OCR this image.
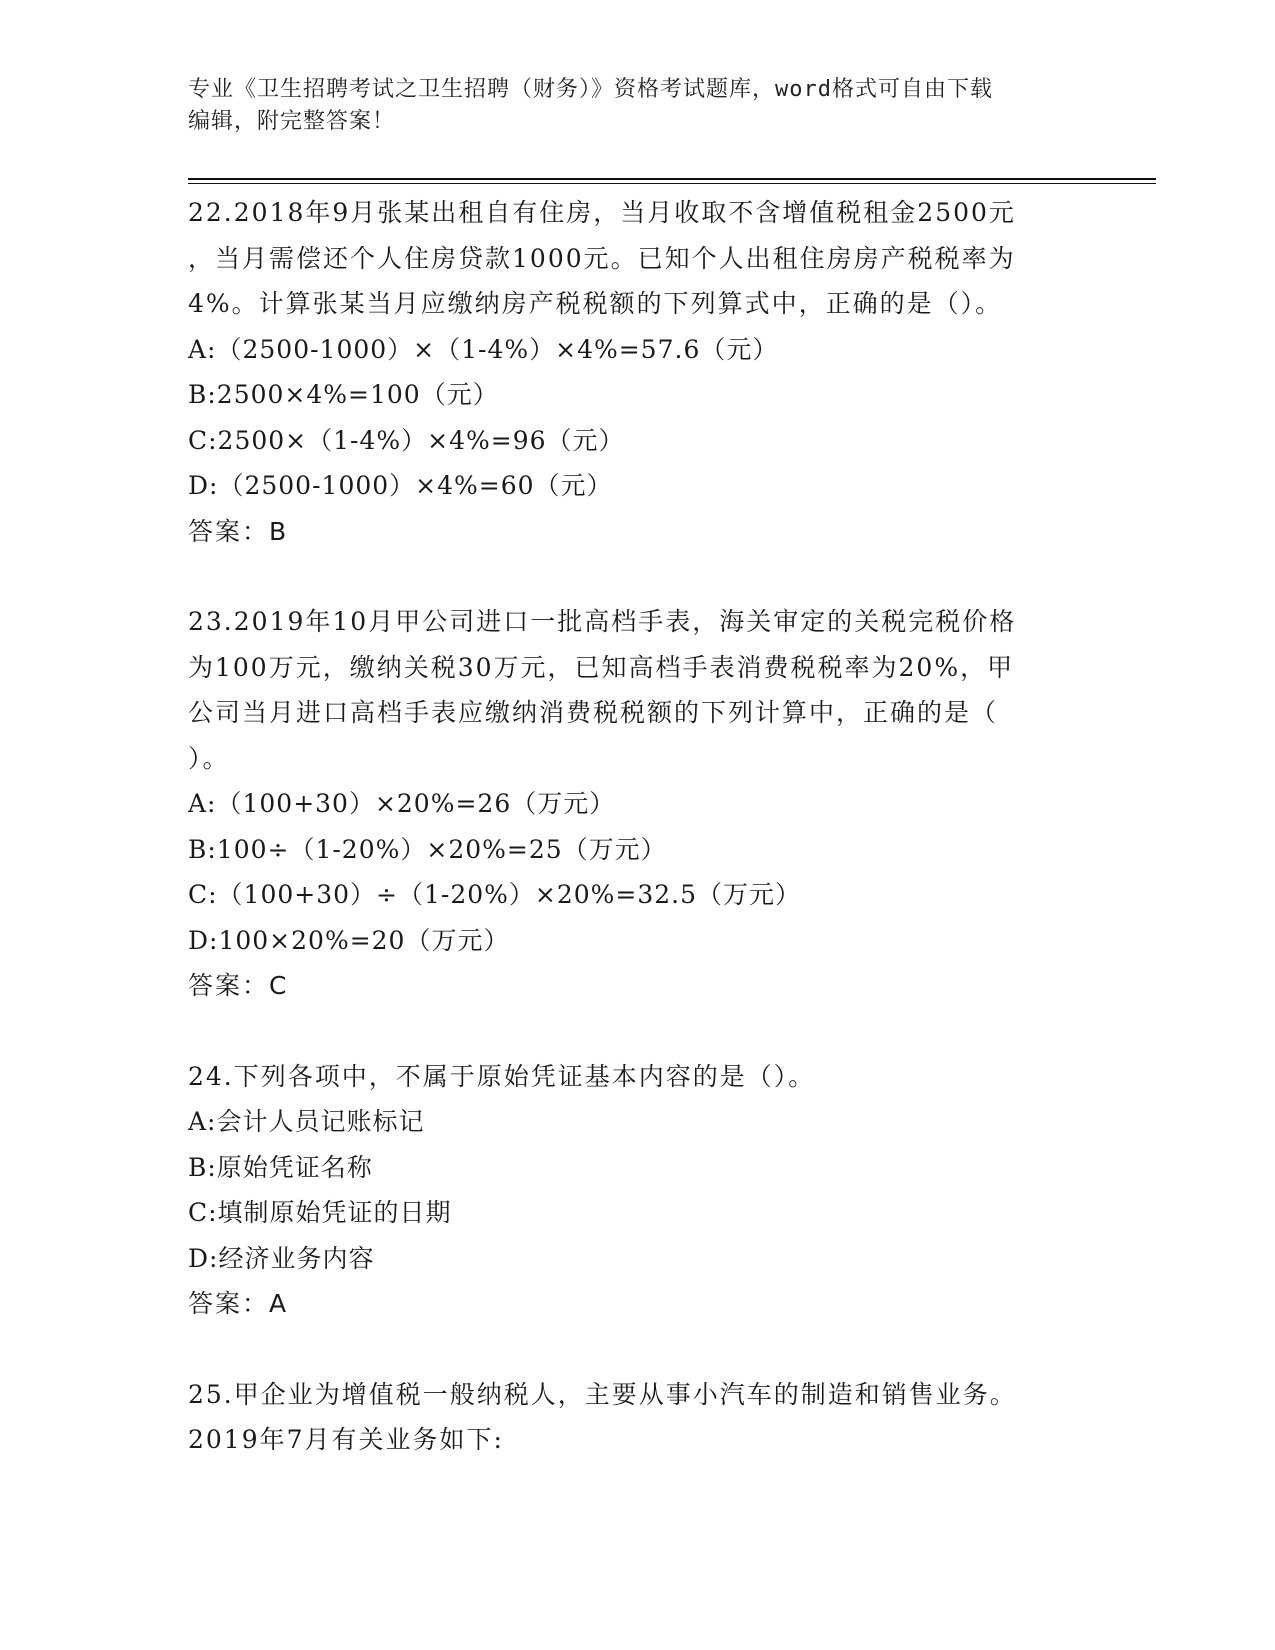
专业《卫生招聘考试之卫生招聘（财务）》资格考试题库，word格式可自由下载
编辑，附完整答案！

22.2018年9月张某出租自有住房，当月收取不含增值税租金2500元

，当月需偿还个人住房贷款1000元。已知个人出租住房房产税税率为

4%。计算张某当月应缴纳房产税税额的下列算式中，正确的是（）。

A:（2500-1000）×（1-4%）×4%=57.6（元）

B:2500×4%=100（元）

C:2500×（1-4%）×4%=96（元）

D:（2500-1000）×4%=60（元）

答案：B

23.2019年10月甲公司进口一批高档手表，海关审定的关税完税价格

为100万元，缴纳关税30万元，已知高档手表消费税税率为20%，甲

公司当月进口高档手表应缴纳消费税税额的下列计算中，正确的是（

）。

A:（100+30）×20%=26（万元）

B:100÷（1-20%）×20%=25（万元）

C:（100+30）÷（1-20%）×20%=32.5（万元）

D:100×20%=20（万元）

答案：C

24.下列各项中，不属于原始凭证基本内容的是（）。

A:会计人员记账标记

B:原始凭证名称

C:填制原始凭证的日期

D:经济业务内容

答案：A

25.甲企业为增值税一般纳税人，主要从事小汽车的制造和销售业务。

2019年7月有关业务如下:
